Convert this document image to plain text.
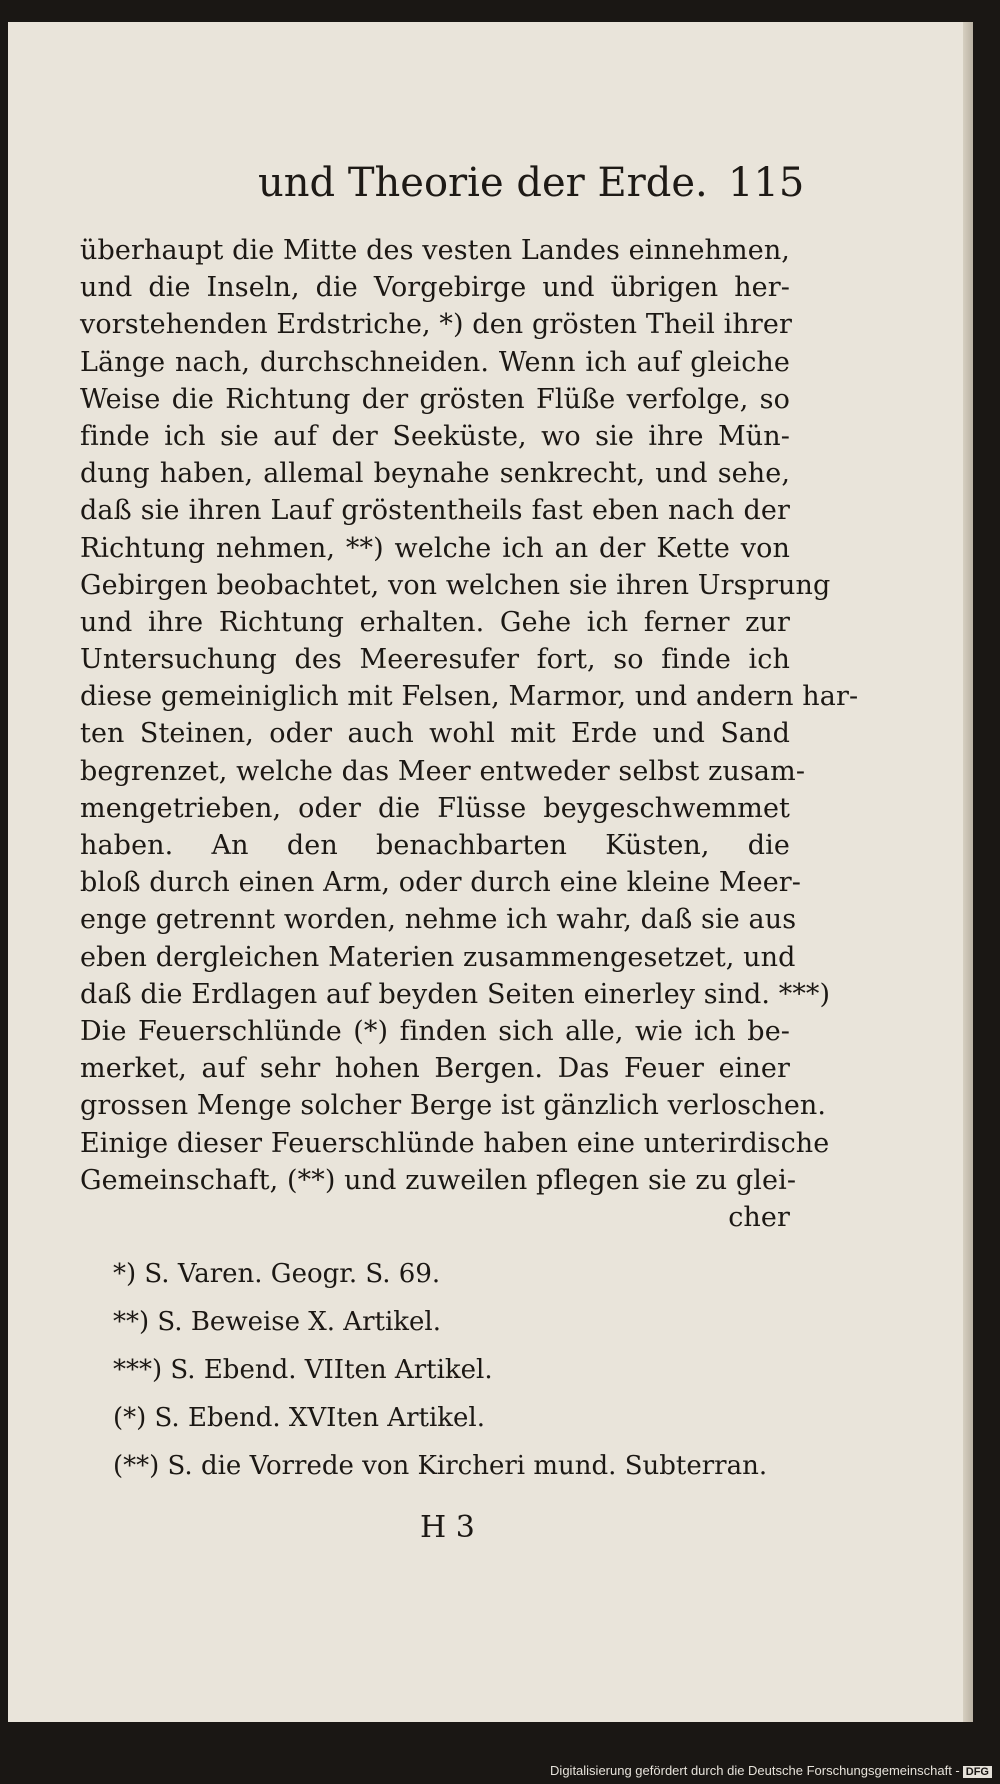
und Theorie der Erde. 115
überhaupt die Mitte des vesten Landes einnehmen,
und die Inseln, die Vorgebirge und übrigen her-
vorstehenden Erdstriche, *) den grösten Theil ihrer
Länge nach, durchschneiden. Wenn ich auf gleiche
Weise die Richtung der grösten Flüße verfolge, so
finde ich sie auf der Seeküste, wo sie ihre Mün-
dung haben, allemal beynahe senkrecht, und sehe,
daß sie ihren Lauf gröstentheils fast eben nach der
Richtung nehmen, **) welche ich an der Kette von
Gebirgen beobachtet, von welchen sie ihren Ursprung
und ihre Richtung erhalten. Gehe ich ferner zur
Untersuchung des Meeresufer fort, so finde ich
diese gemeiniglich mit Felsen, Marmor, und andern har-
ten Steinen, oder auch wohl mit Erde und Sand
begrenzet, welche das Meer entweder selbst zusam-
mengetrieben, oder die Flüsse beygeschwemmet
haben. An den benachbarten Küsten, die
bloß durch einen Arm, oder durch eine kleine Meer-
enge getrennt worden, nehme ich wahr, daß sie aus
eben dergleichen Materien zusammengesetzet, und
daß die Erdlagen auf beyden Seiten einerley sind. ***)
Die Feuerschlünde (*) finden sich alle, wie ich be-
merket, auf sehr hohen Bergen. Das Feuer einer
grossen Menge solcher Berge ist gänzlich verloschen.
Einige dieser Feuerschlünde haben eine unterirdische
Gemeinschaft, (**) und zuweilen pflegen sie zu glei-
cher
*) S. Varen. Geogr. S. 69.
**) S. Beweise X. Artikel.
***) S. Ebend. VIIten Artikel.
(*) S. Ebend. XVIten Artikel.
(**) S. die Vorrede von Kircheri mund. Subterran.
H 3
Digitalisierung gefördert durch die Deutsche Forschungsgemeinschaft - DFG
